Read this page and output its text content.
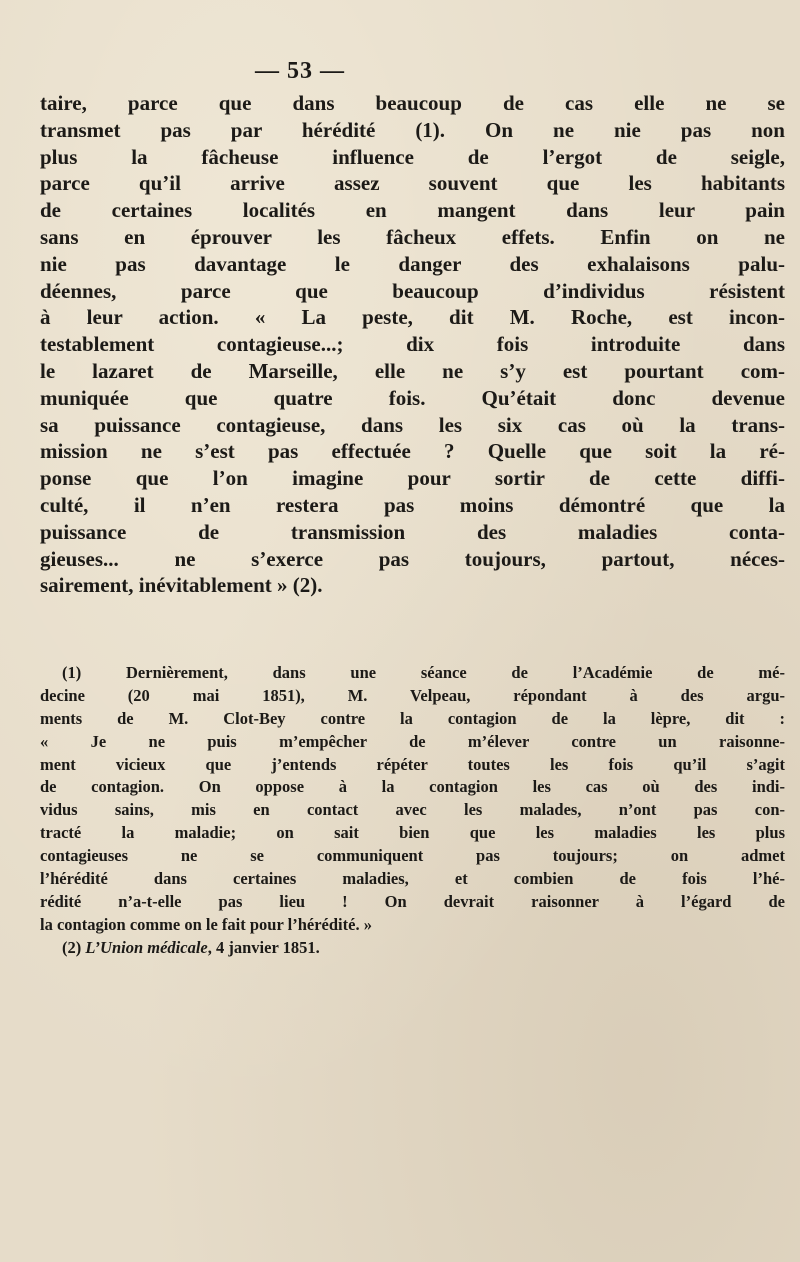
— 53 —
taire, parce que dans beaucoup de cas elle ne se
transmet pas par hérédité (1). On ne nie pas non
plus la fâcheuse influence de l’ergot de seigle,
parce qu’il arrive assez souvent que les habitants
de certaines localités en mangent dans leur pain
sans en éprouver les fâcheux effets. Enfin on ne
nie pas davantage le danger des exhalaisons palu-
déennes, parce que beaucoup d’individus résistent
à leur action. « La peste, dit M. Roche, est incon-
testablement contagieuse...; dix fois introduite dans
le lazaret de Marseille, elle ne s’y est pourtant com-
muniquée que quatre fois. Qu’était donc devenue
sa puissance contagieuse, dans les six cas où la trans-
mission ne s’est pas effectuée ? Quelle que soit la ré-
ponse que l’on imagine pour sortir de cette diffi-
culté, il n’en restera pas moins démontré que la
puissance de transmission des maladies conta-
gieuses... ne s’exerce pas toujours, partout, néces-
sairement, inévitablement » (2).
(1) Dernièrement, dans une séance de l’Académie de mé-
decine (20 mai 1851), M. Velpeau, répondant à des argu-
ments de M. Clot-Bey contre la contagion de la lèpre, dit :
« Je ne puis m’empêcher de m’élever contre un raisonne-
ment vicieux que j’entends répéter toutes les fois qu’il s’agit
de contagion. On oppose à la contagion les cas où des indi-
vidus sains, mis en contact avec les malades, n’ont pas con-
tracté la maladie; on sait bien que les maladies les plus
contagieuses ne se communiquent pas toujours; on admet
l’hérédité dans certaines maladies, et combien de fois l’hé-
rédité n’a-t-elle pas lieu ! On devrait raisonner à l’égard de
la contagion comme on le fait pour l’hérédité. »
(2) L’Union médicale, 4 janvier 1851.
